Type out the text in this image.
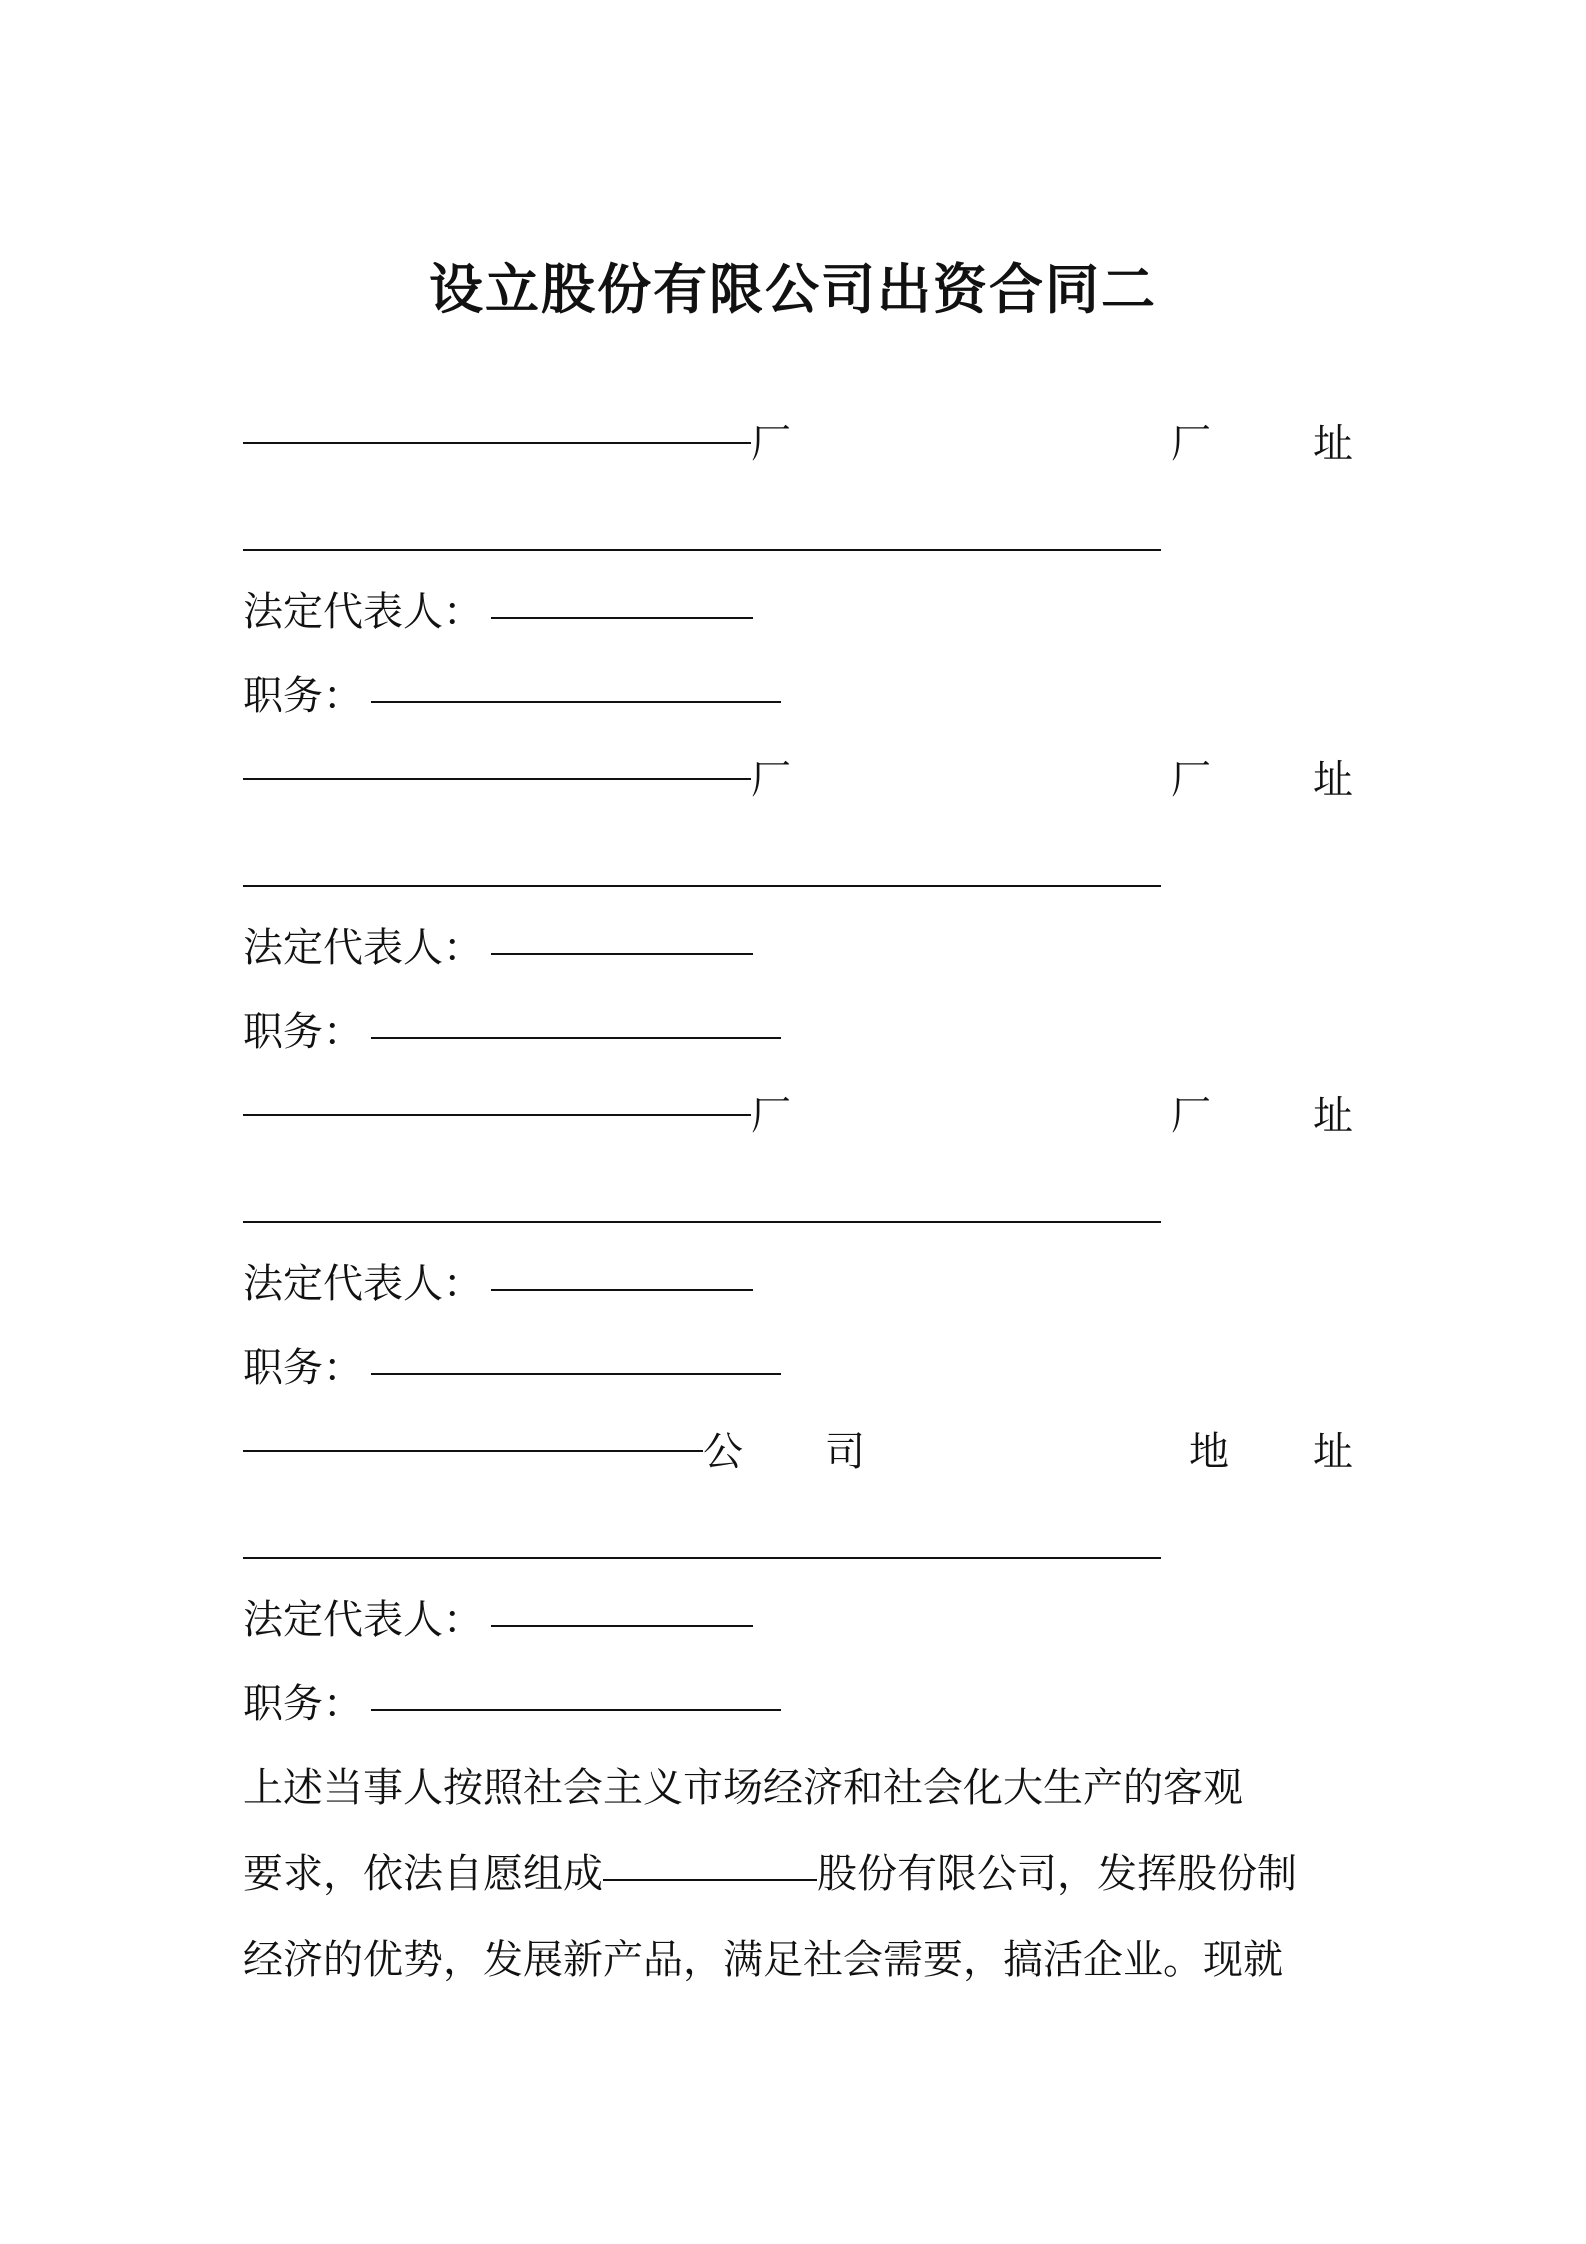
设立股份有限公司出资合同二
厂	厂	址
法定代表人：
职务：
厂	厂	址
法定代表人：
职务：
厂	厂	址
法定代表人：
职务：
公 司	地 址
法定代表人：
职务：
上述当事人按照社会主义市场经济和社会化大生产的客观
要求，依法自愿组成	股份有限公司，发挥股份制
经济的优势，发展新产品，满足社会需要，搞活企业。现就
